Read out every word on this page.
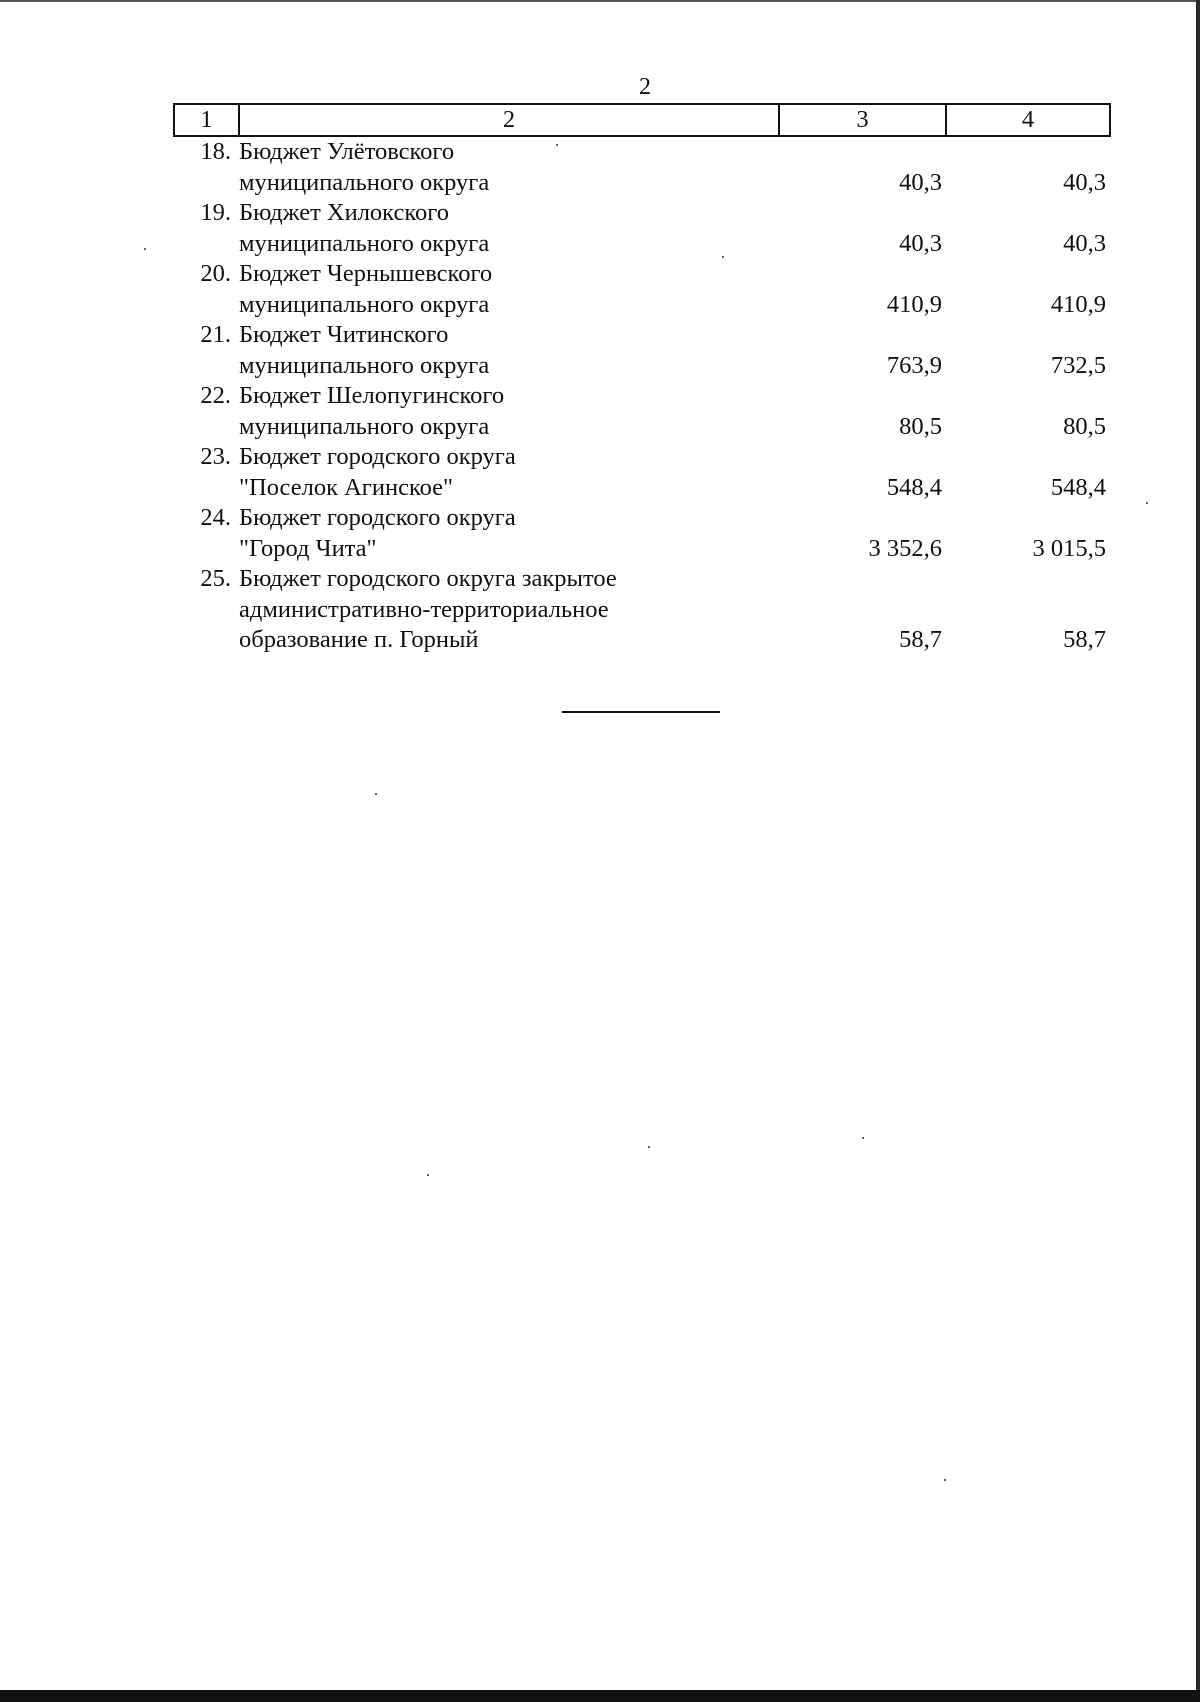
2
1	2	3	4
18.	Бюджет Улётовского
муниципального округа	40,3	40,3
19.	Бюджет Хилокского
муниципального округа	40,3	40,3
20.	Бюджет Чернышевского
муниципального округа	410,9	410,9
21.	Бюджет Читинского
муниципального округа	763,9	732,5
22.	Бюджет Шелопугинского
муниципального округа	80,5	80,5
23.	Бюджет городского округа
"Поселок Агинское"	548,4	548,4
24.	Бюджет городского округа
"Город Чита"	3 352,6	3 015,5
25.	Бюджет городского округа закрытое
административно-территориальное
образование п. Горный	58,7	58,7
